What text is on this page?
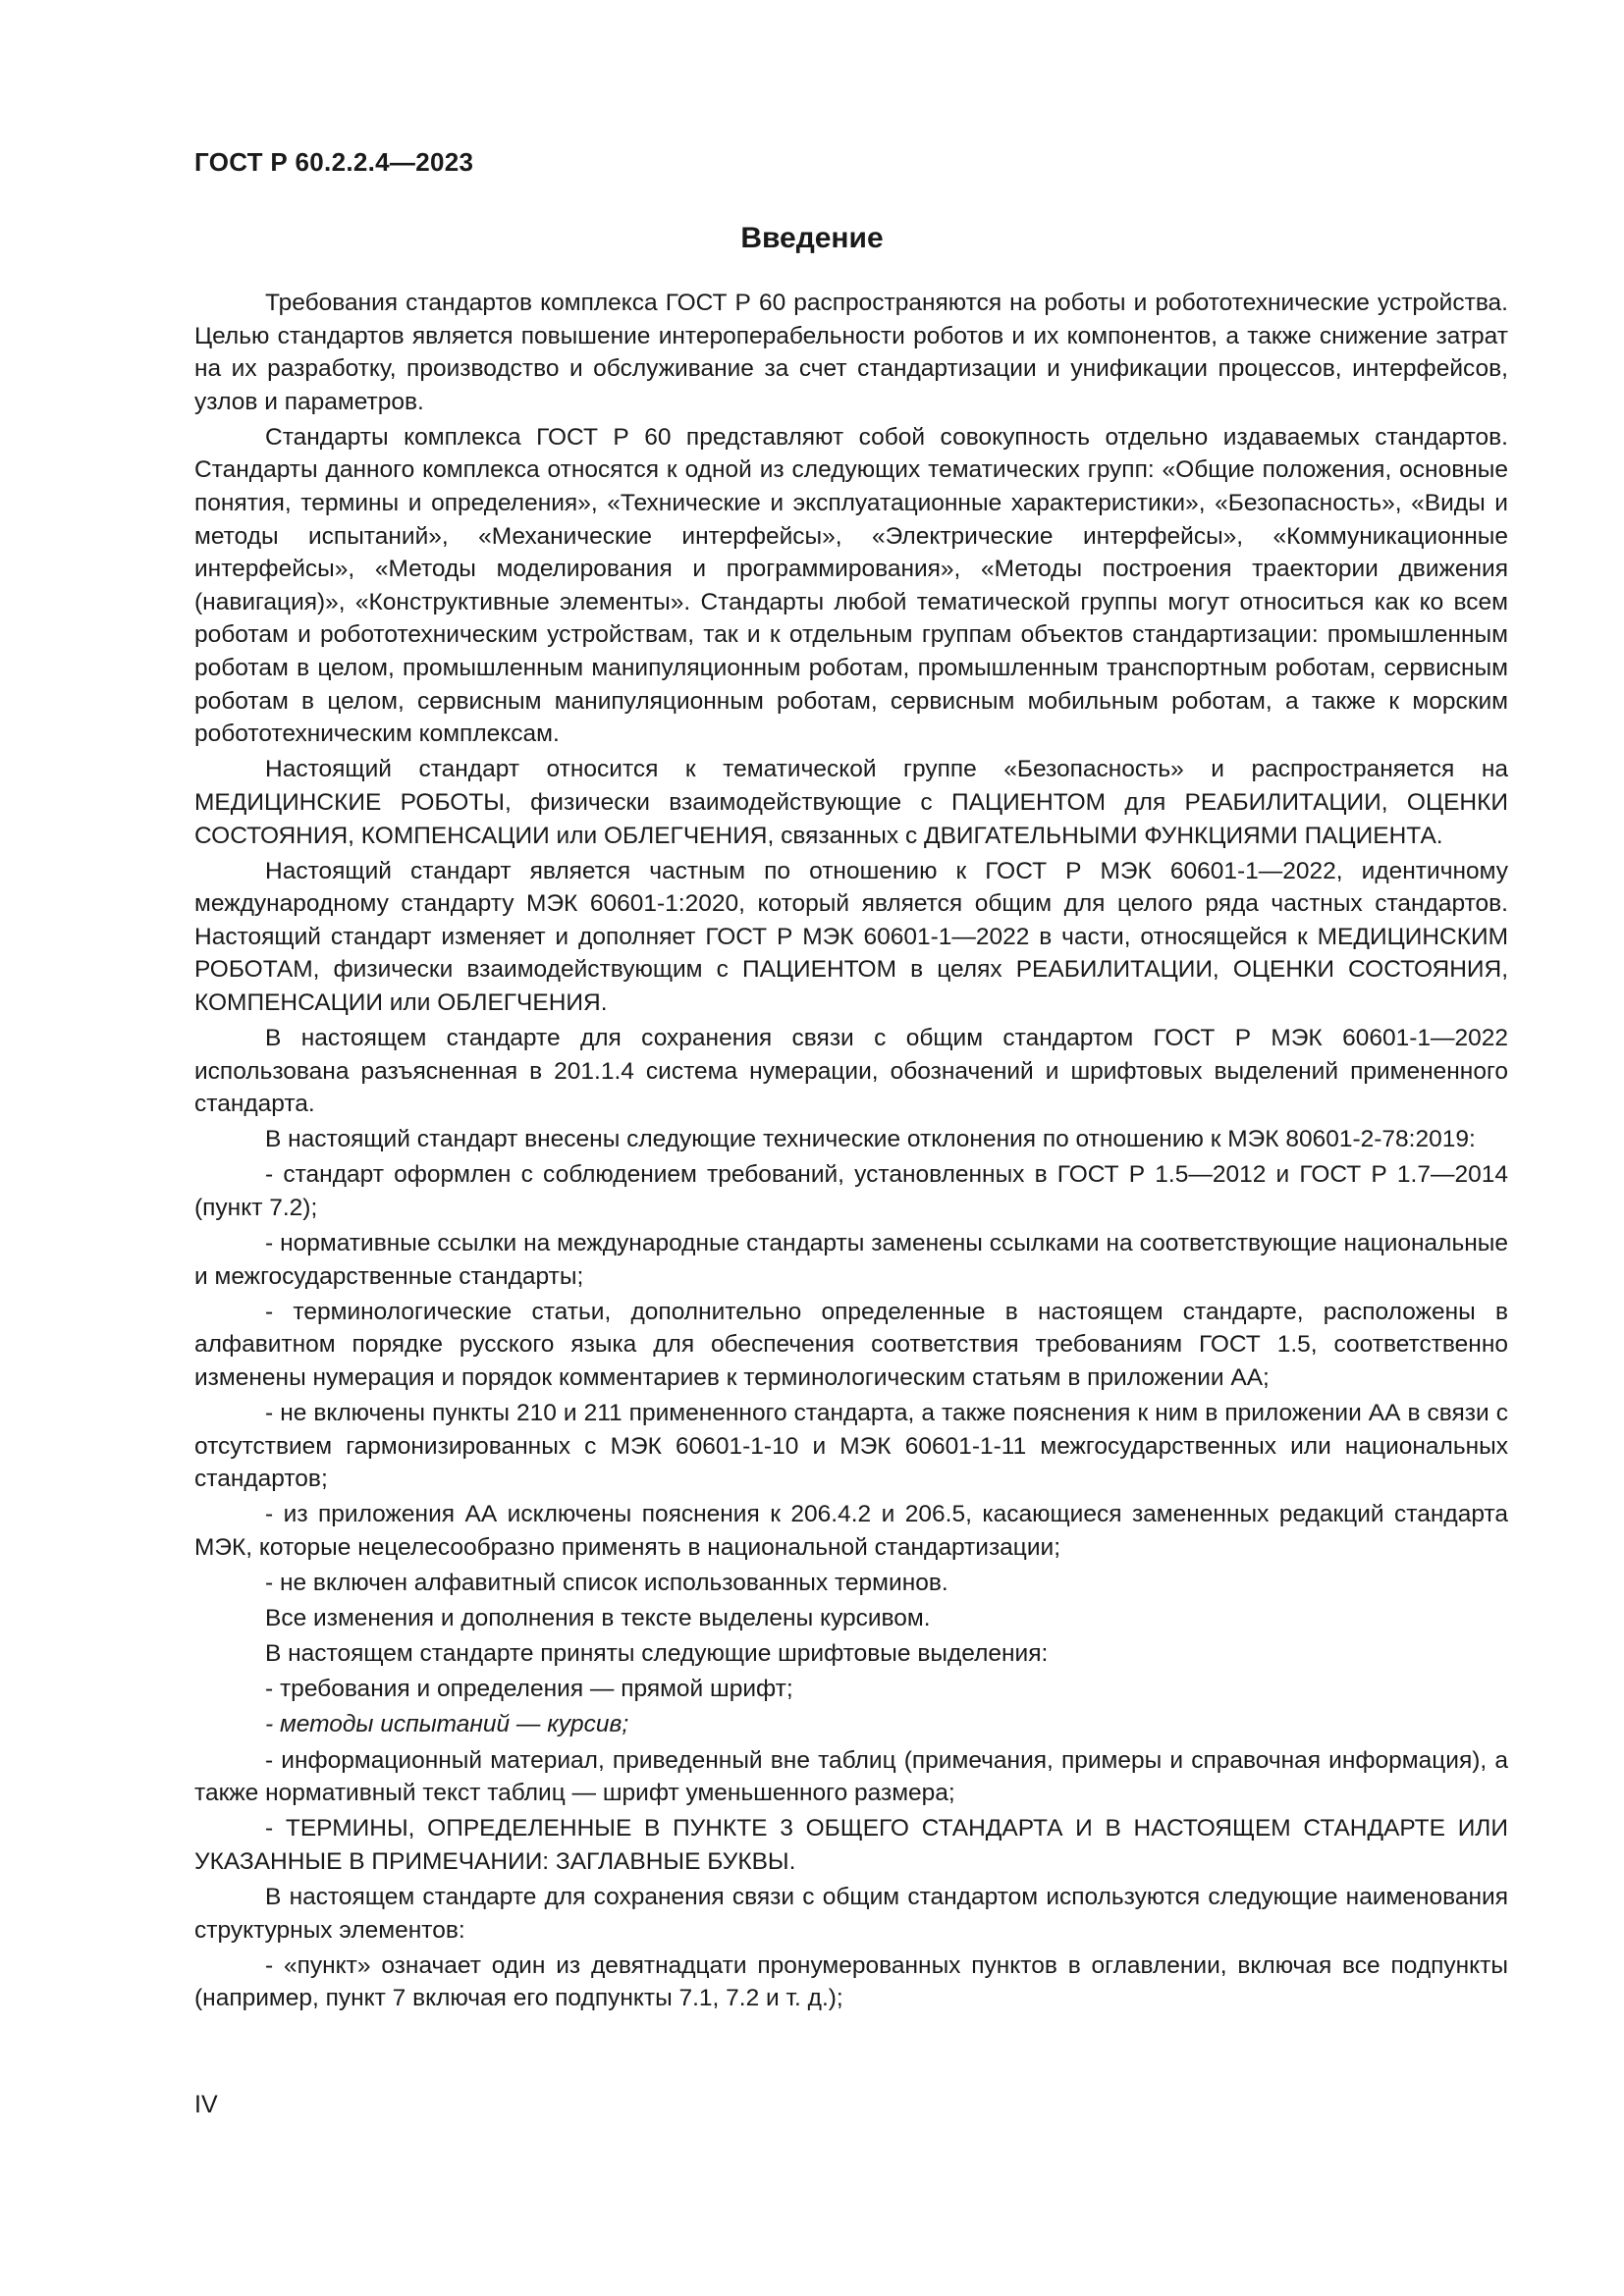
ГОСТ Р 60.2.2.4—2023
Введение

Требования стандартов комплекса ГОСТ Р 60 распространяются на роботы и робототехнические устройства. Целью стандартов является повышение интероперабельности роботов и их компонентов, а также снижение затрат на их разработку, производство и обслуживание за счет стандартизации и унификации процессов, интерфейсов, узлов и параметров.

Стандарты комплекса ГОСТ Р 60 представляют собой совокупность отдельно издаваемых стандартов. Стандарты данного комплекса относятся к одной из следующих тематических групп: «Общие положения, основные понятия, термины и определения», «Технические и эксплуатационные характеристики», «Безопасность», «Виды и методы испытаний», «Механические интерфейсы», «Электрические интерфейсы», «Коммуникационные интерфейсы», «Методы моделирования и программирования», «Методы построения траектории движения (навигация)», «Конструктивные элементы». Стандарты любой тематической группы могут относиться как ко всем роботам и робототехническим устройствам, так и к отдельным группам объектов стандартизации: промышленным роботам в целом, промышленным манипуляционным роботам, промышленным транспортным роботам, сервисным роботам в целом, сервисным манипуляционным роботам, сервисным мобильным роботам, а также к морским робототехническим комплексам.

Настоящий стандарт относится к тематической группе «Безопасность» и распространяется на МЕДИЦИНСКИЕ РОБОТЫ, физически взаимодействующие с ПАЦИЕНТОМ для РЕАБИЛИТАЦИИ, ОЦЕНКИ СОСТОЯНИЯ, КОМПЕНСАЦИИ или ОБЛЕГЧЕНИЯ, связанных с ДВИГАТЕЛЬНЫМИ ФУНКЦИЯМИ ПАЦИЕНТА.

Настоящий стандарт является частным по отношению к ГОСТ Р МЭК 60601-1—2022, идентичному международному стандарту МЭК 60601-1:2020, который является общим для целого ряда частных стандартов. Настоящий стандарт изменяет и дополняет ГОСТ Р МЭК 60601-1—2022 в части, относящейся к МЕДИЦИНСКИМ РОБОТАМ, физически взаимодействующим с ПАЦИЕНТОМ в целях РЕАБИЛИТАЦИИ, ОЦЕНКИ СОСТОЯНИЯ, КОМПЕНСАЦИИ или ОБЛЕГЧЕНИЯ.

В настоящем стандарте для сохранения связи с общим стандартом ГОСТ Р МЭК 60601-1—2022 использована разъясненная в 201.1.4 система нумерации, обозначений и шрифтовых выделений примененного стандарта.

В настоящий стандарт внесены следующие технические отклонения по отношению к МЭК 80601-2-78:2019:

- стандарт оформлен с соблюдением требований, установленных в ГОСТ Р 1.5—2012 и ГОСТ Р 1.7—2014 (пункт 7.2);

- нормативные ссылки на международные стандарты заменены ссылками на соответствующие национальные и межгосударственные стандарты;

- терминологические статьи, дополнительно определенные в настоящем стандарте, расположены в алфавитном порядке русского языка для обеспечения соответствия требованиям ГОСТ 1.5, соответственно изменены нумерация и порядок комментариев к терминологическим статьям в приложении АА;

- не включены пункты 210 и 211 примененного стандарта, а также пояснения к ним в приложении АА в связи с отсутствием гармонизированных с МЭК 60601-1-10 и МЭК 60601-1-11 межгосударственных или национальных стандартов;

- из приложения АА исключены пояснения к 206.4.2 и 206.5, касающиеся замененных редакций стандарта МЭК, которые нецелесообразно применять в национальной стандартизации;

- не включен алфавитный список использованных терминов.

Все изменения и дополнения в тексте выделены курсивом.

В настоящем стандарте приняты следующие шрифтовые выделения:

- требования и определения — прямой шрифт;

- методы испытаний — курсив;

- информационный материал, приведенный вне таблиц (примечания, примеры и справочная информация), а также нормативный текст таблиц — шрифт уменьшенного размера;

- ТЕРМИНЫ, ОПРЕДЕЛЕННЫЕ В ПУНКТЕ 3 ОБЩЕГО СТАНДАРТА И В НАСТОЯЩЕМ СТАНДАРТЕ ИЛИ УКАЗАННЫЕ В ПРИМЕЧАНИИ: ЗАГЛАВНЫЕ БУКВЫ.

В настоящем стандарте для сохранения связи с общим стандартом используются следующие наименования структурных элементов:

- «пункт» означает один из девятнадцати пронумерованных пунктов в оглавлении, включая все подпункты (например, пункт 7 включая его подпункты 7.1, 7.2 и т. д.);

IV
